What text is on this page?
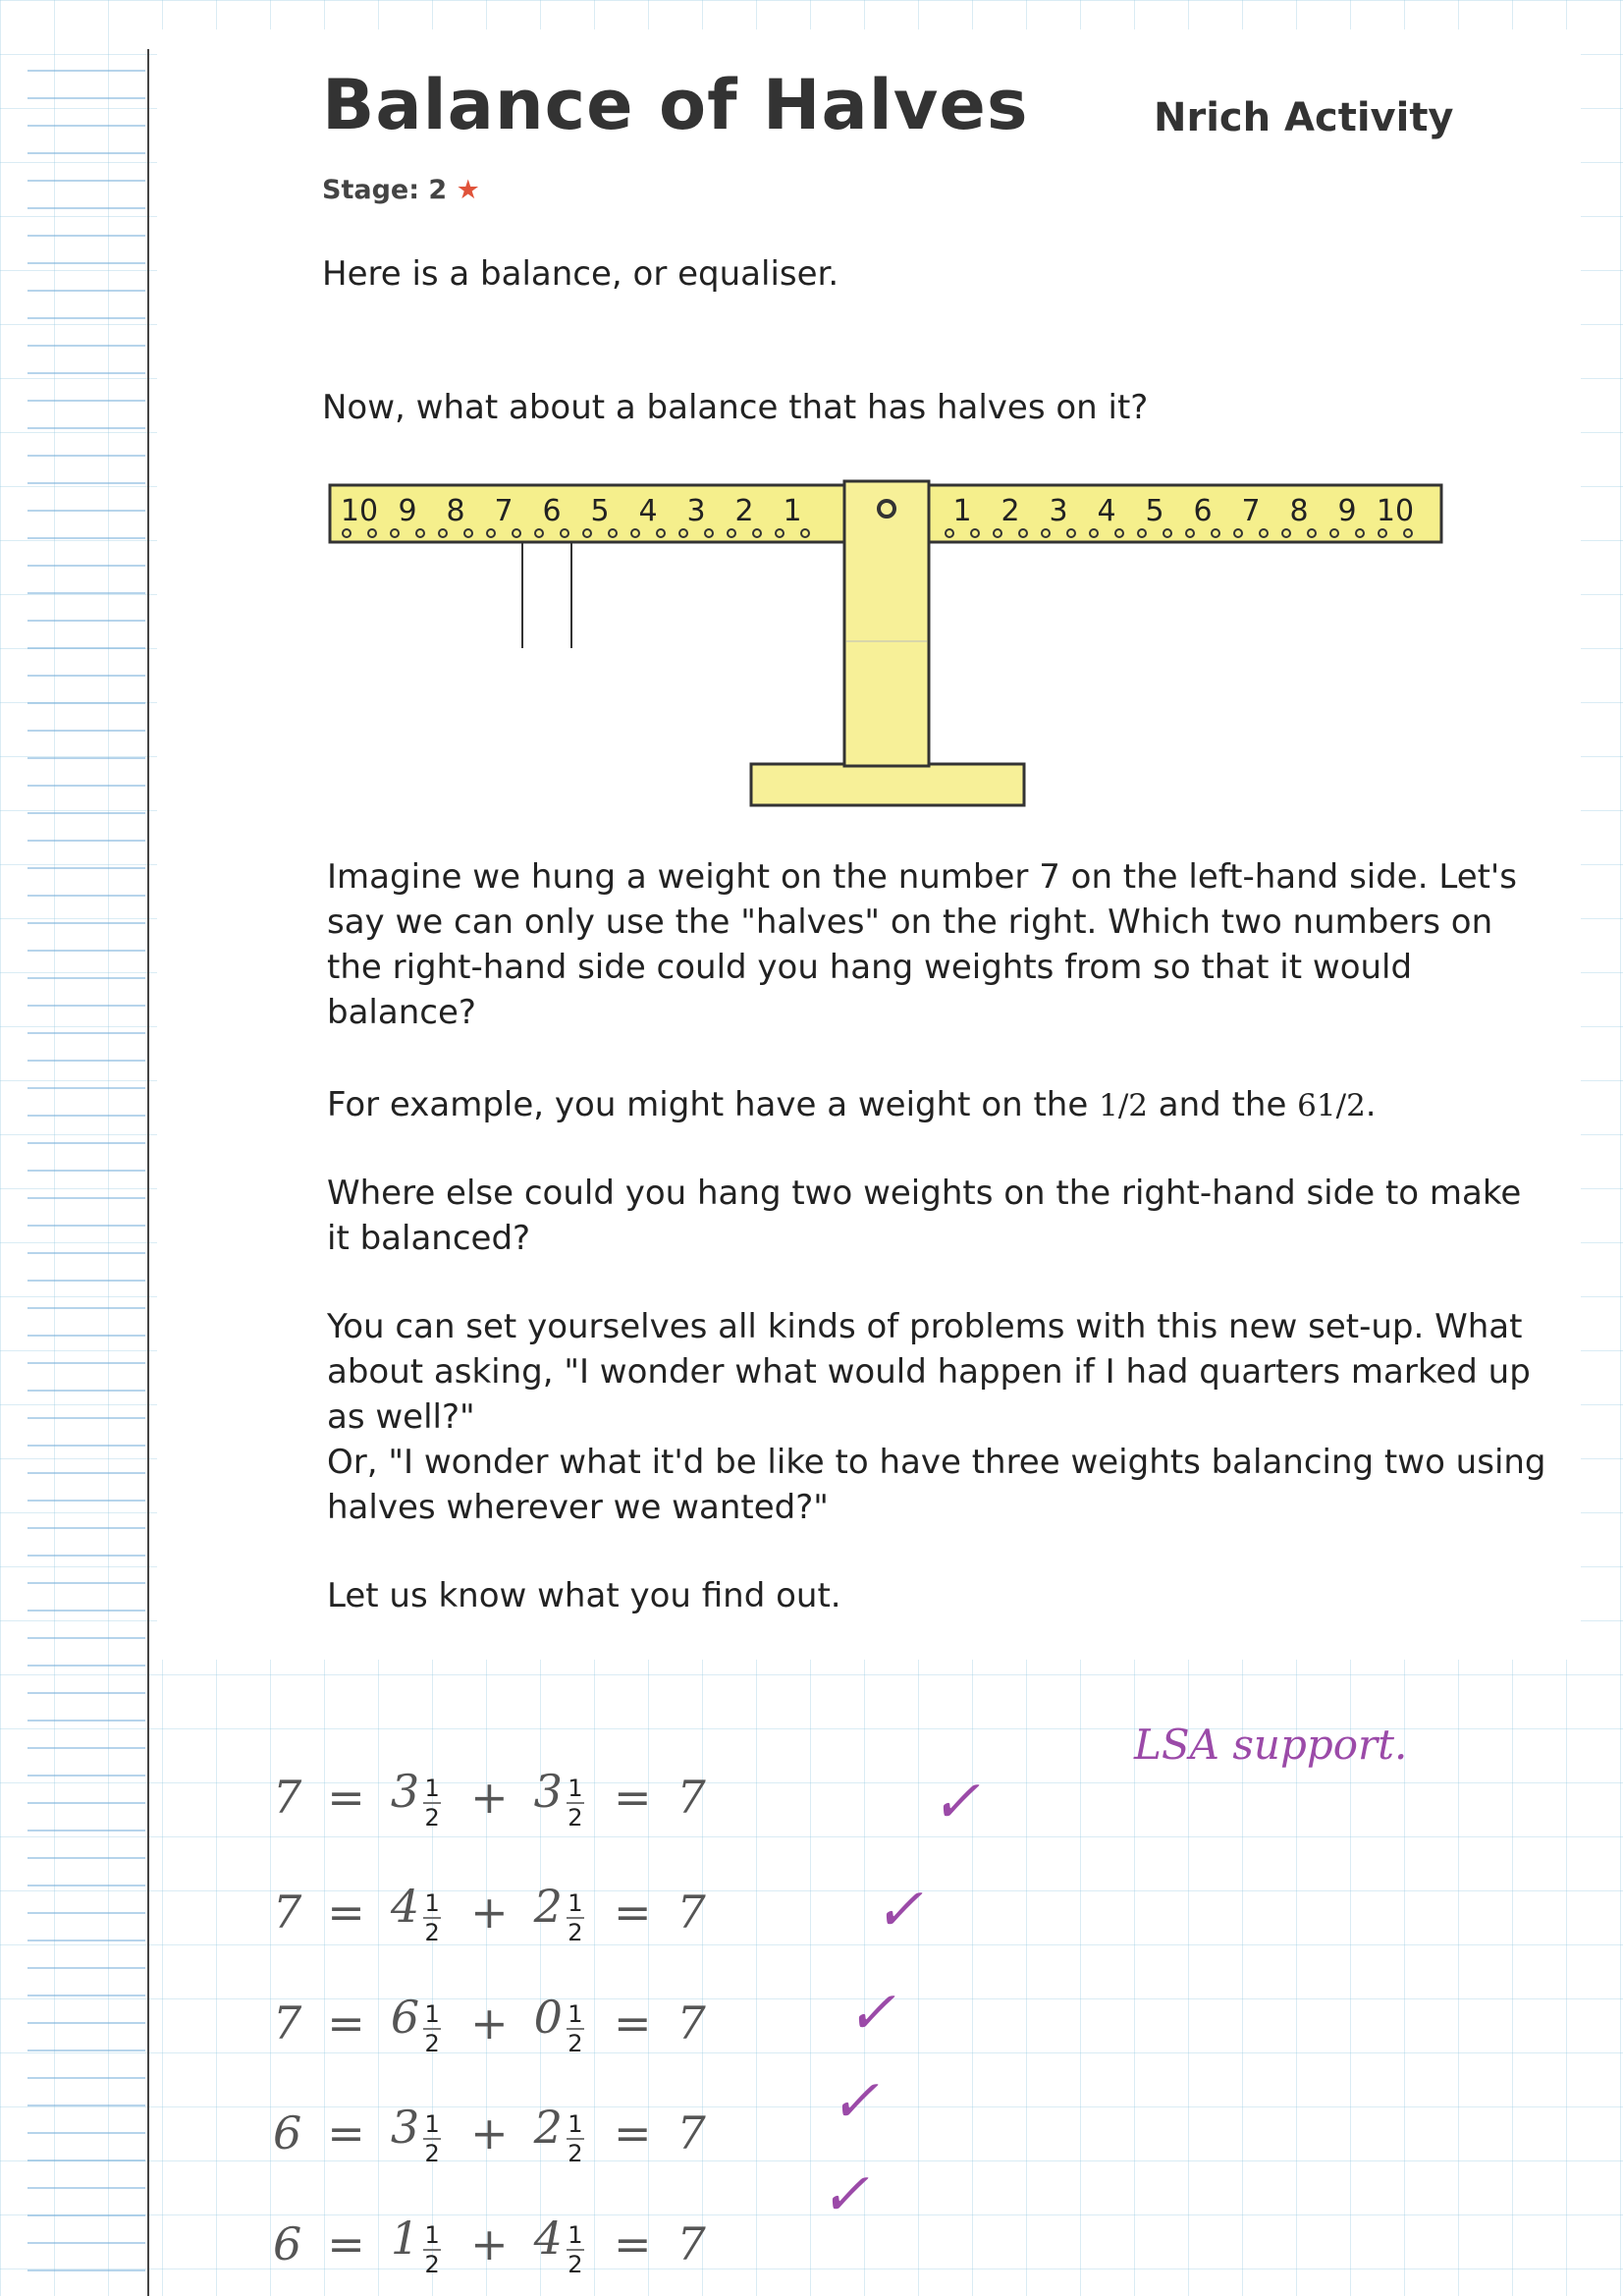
Balance of Halves	Nrich Activity
Stage: 2 ★
Here is a balance, or equaliser.
Now, what about a balance that has halves on it?
10 9 8 7 6 5 4 3 2 1	1 2 3 4 5 6 7 8 9 10
Imagine we hung a weight on the number 7 on the left-hand side. Let's say we can only use the "halves" on the right. Which two numbers on the right-hand side could you hang weights from so that it would balance?
For example, you might have a weight on the 1/2 and the 61/2.
Where else could you hang two weights on the right-hand side to make it balanced?
You can set yourselves all kinds of problems with this new set-up. What about asking, "I wonder what would happen if I had quarters marked up as well?"
Or, "I wonder what it'd be like to have three weights balancing two using halves wherever we wanted?"
Let us know what you find out.
LSA support.
$7 = 3 \frac{1}{2} + 3 \frac{1}{2} = 7$	✓
$7 = 4 \frac{1}{2} + 2 \frac{1}{2} = 7$	✓
$7 = 6 \frac{1}{2} + 0 \frac{1}{2} = 7$ ✓
$6 = 3 \frac{1}{2} + 2 \frac{1}{2} = 7$ ✓
$6 = 1 \frac{1}{2} + 4 \frac{1}{2} = 7$
✓
